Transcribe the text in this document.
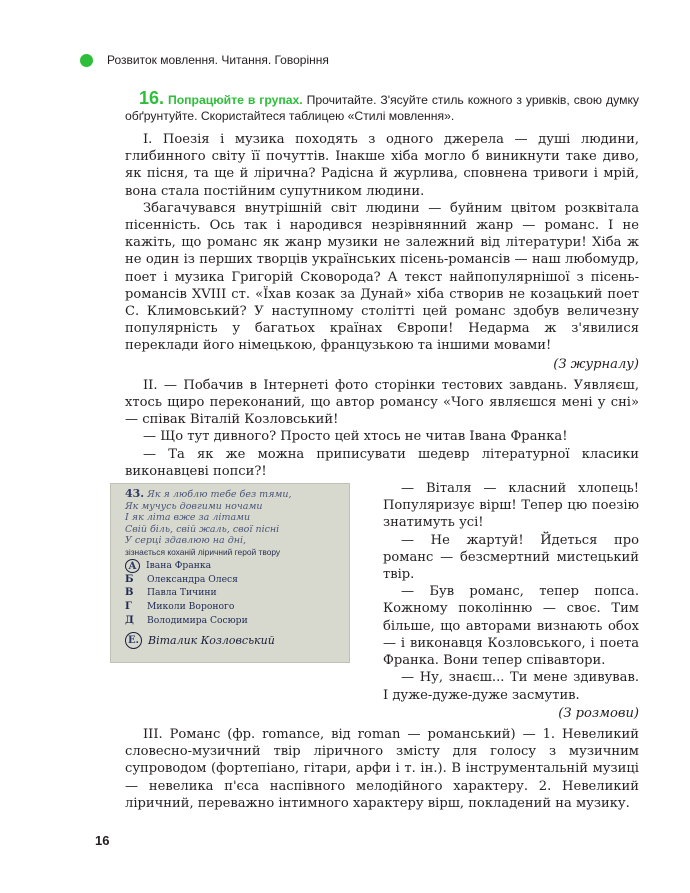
Розвиток мовлення. Читання. Говоріння

16. Попрацюйте в групах. Прочитайте. З'ясуйте стиль кожного з уривків, свою думку обґрунтуйте. Скористайтеся таблицею «Стилі мовлення».

I. Поезія і музика походять з одного джерела — душі людини, глибинного світу її почуттів. Інакше хіба могло б виникнути таке диво, як пісня, та ще й лірична? Радісна й журлива, сповнена тривоги і мрій, вона стала постійним супутником людини.

Збагачувався внутрішній світ людини — буйним цвітом розквітала пісенність. Ось так і народився незрівнянний жанр — романс. І не кажіть, що романс як жанр музики не залежний від літератури! Хіба ж не один із перших творців українських пісень-романсів — наш любомудр, поет і музика Григорій Сковорода? А текст найпопулярнішої з пісень-романсів XVIII ст. «Їхав козак за Дунай» хіба створив не козацький поет С. Климовський? У наступному столітті цей романс здобув величезну популярність у багатьох країнах Європи! Недарма ж з'явилися переклади його німецькою, французькою та іншими мовами!

(З журналу)

II. — Побачив в Інтернеті фото сторінки тестових завдань. Уявляєш, хтось щиро переконаний, що автор романсу «Чого являєшся мені у сні» — співак Віталій Козловський!

— Що тут дивного? Просто цей хтось не читав Івана Франка!

— Та як же можна приписувати шедевр літературної класики виконавцеві попси?!

43. Як я люблю тебе без тями,
Як мучусь довгими ночами
І як літа вже за літами
Свій біль, свій жаль, свої пісні
У серці здавлюю на дні,
зізнається коханій ліричний герой твору
А	Івана Франка
Б	Олександра Олеся
В	Павла Тичини
Г	Миколи Вороного
Д	Володимира Сосюри
Е. Віталик Козловський

— Віталя — класний хлопець! Популяризує вірш! Тепер цю поезію знатимуть усі!

— Не жартуй! Йдеться про романс — безсмертний мистецький твір.

— Був романс, тепер попса. Кожному поколінню — своє. Тим більше, що авторами визнають обох — і виконавця Козловського, і поета Франка. Вони тепер співавтори.

— Ну, знаєш... Ти мене здивував. І дуже-дуже-дуже засмутив.

(З розмови)

III. Романс (фр. romance, від roman — романський) — 1. Невеликий словесно-музичний твір ліричного змісту для голосу з музичним супроводом (фортепіано, гітари, арфи і т. ін.). В інструментальній музиці — невелика п'єса наспівного мелодійного характеру. 2. Невеликий ліричний, переважно інтимного характеру вірш, покладений на музику.

16
